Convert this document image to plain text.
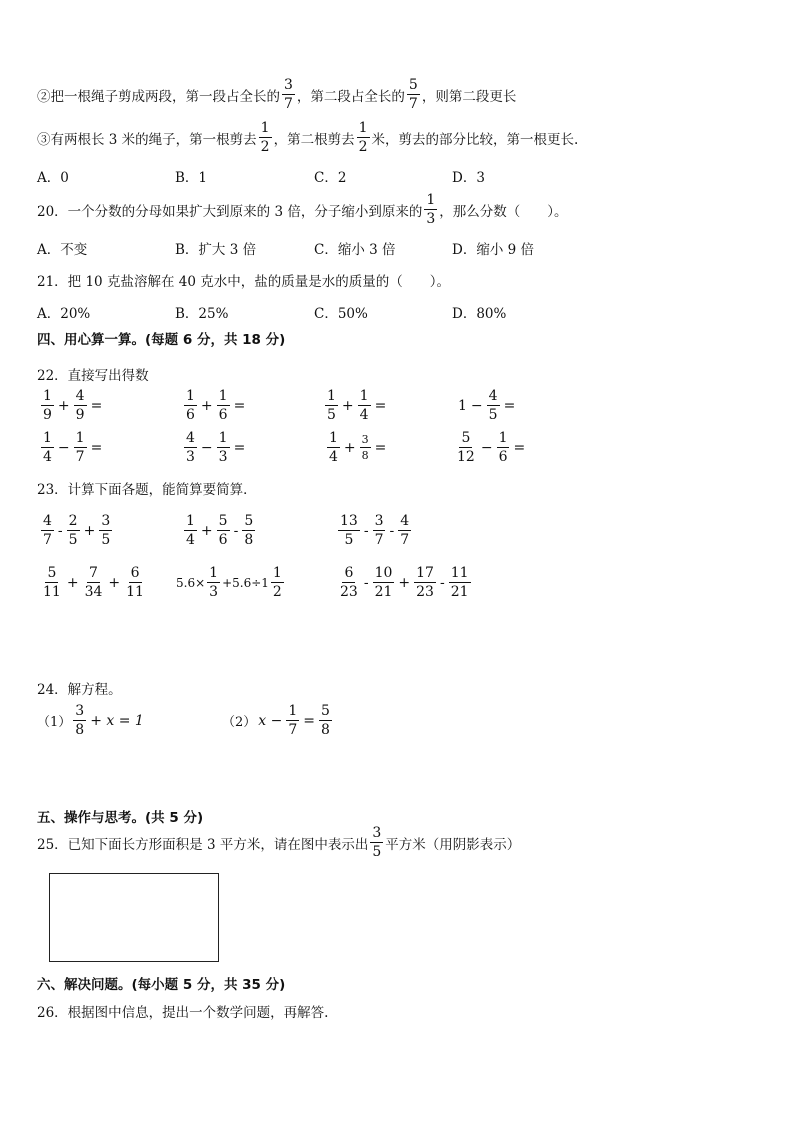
②把一根绳子剪成两段，第一段占全长的 $\frac{3}{7}$ ，第二段占全长的 $\frac{5}{7}$ ，则第二段更长
③有两根长 3 米的绳子，第一根剪去 $\frac{1}{2}$ ，第二根剪去 $\frac{1}{2}$ 米，剪去的部分比较，第一根更长.
A．0	B．1	C．2	D．3
20．一个分数的分母如果扩大到原来的 3 倍，分子缩小到原来的 $\frac{1}{3}$ ，那么分数（　　）。
A．不变	B．扩大 3 倍	C．缩小 3 倍	D．缩小 9 倍
21．把 10 克盐溶解在 40 克水中，盐的质量是水的质量的（　　）。
A．20%	B．25%	C．50%	D．80%
四、用心算一算。(每题 6 分，共 18 分)
22．直接写出得数
$\frac{1}{9} + \frac{4}{9}$ =	$\frac{1}{6} + \frac{1}{6}$ =	$\frac{1}{5} + \frac{1}{4}$ =	$1 - \frac{4}{5}$ =
$\frac{1}{4} - \frac{1}{7}$ =	$\frac{4}{3} - \frac{1}{3}$ =	$\frac{1}{4} + \frac{3}{8}$ =	$\frac{5}{12} - \frac{1}{6}$ =
23．计算下面各题，能简算要简算．
$\frac{4}{7} - \frac{2}{5} + \frac{3}{5}$	$\frac{1}{4} + \frac{5}{6} - \frac{5}{8}$	$\frac{13}{5} - \frac{3}{7} - \frac{4}{7}$
$\frac{5}{11} + \frac{7}{34} + \frac{6}{11}$	$5.6\times \frac{1}{3} +5.6\div 1 \frac{1}{2}$	$\frac{6}{23} - \frac{10}{21} + \frac{17}{23} - \frac{11}{21}$
24．解方程。
$(1) \frac{3}{8} + x = 1$	（2） $x - \frac{1}{7} = \frac{5}{8}$
五、操作与思考。(共 5 分)
25．已知下面长方形面积是 3 平方米，请在图中表示出 $\frac{3}{5}$ 平方米（用阴影表示）
六、解决问题。(每小题 5 分，共 35 分)
26．根据图中信息，提出一个数学问题，再解答.
